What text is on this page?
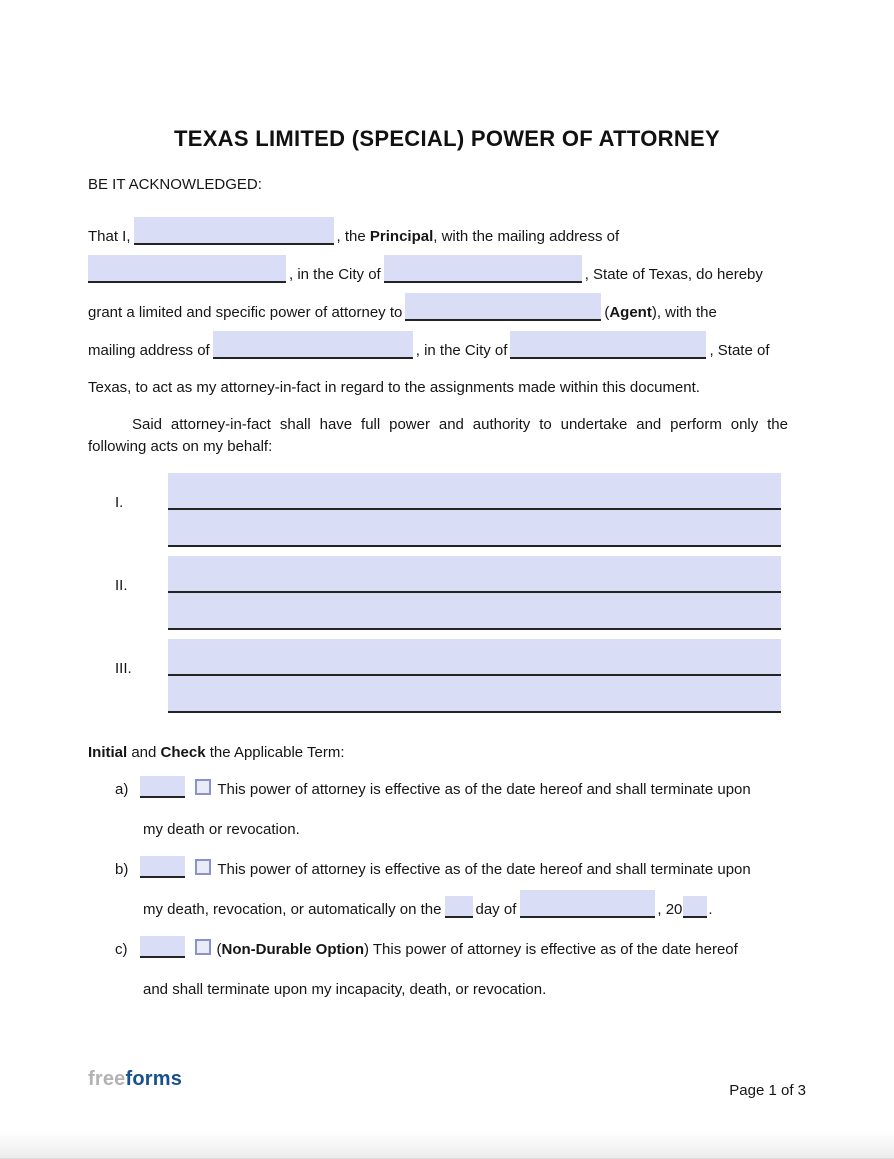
TEXAS LIMITED (SPECIAL) POWER OF ATTORNEY
BE IT ACKNOWLEDGED:
That I,	, the Principal, with the mailing address of
, in the City of	, State of Texas, do hereby
grant a limited and specific power of attorney to	(Agent), with the
mailing address of	, in the City of	, State of
Texas, to act as my attorney-in-fact in regard to the assignments made within this document.
Said attorney-in-fact shall have full power and authority to undertake and perform only the following acts on my behalf:
I.
II.
III.
Initial and Check the Applicable Term:
a)	This power of attorney is effective as of the date hereof and shall terminate upon
my death or revocation.
b)	This power of attorney is effective as of the date hereof and shall terminate upon
my death, revocation, or automatically on the day of	, 20 .
c)	(Non-Durable Option) This power of attorney is effective as of the date hereof
and shall terminate upon my incapacity, death, or revocation.
freeforms
Page 1 of 3
